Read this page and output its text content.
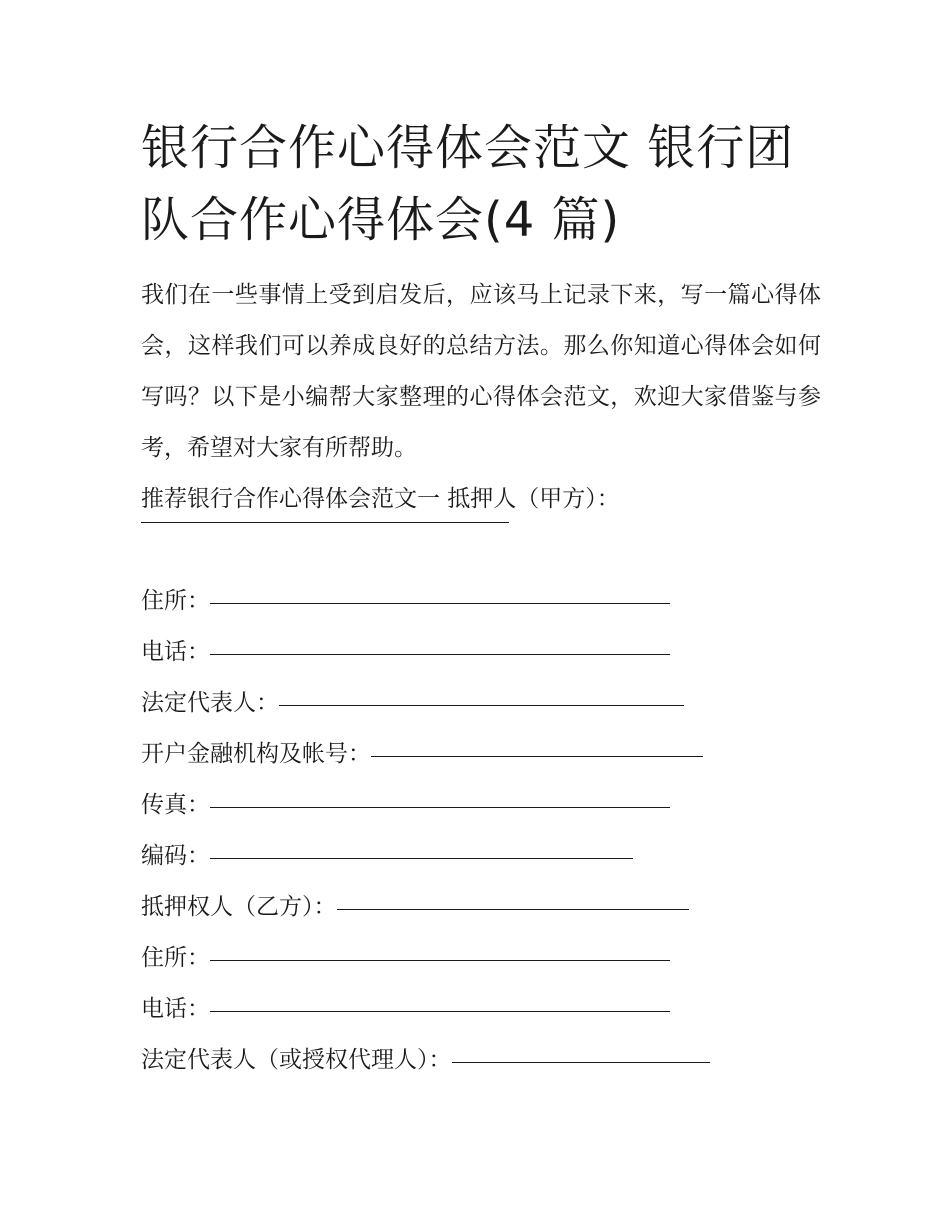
银行合作心得体会范文 银行团队合作心得体会(4 篇)

我们在一些事情上受到启发后，应该马上记录下来，写一篇心得体会，这样我们可以养成良好的总结方法。那么你知道心得体会如何写吗？以下是小编帮大家整理的心得体会范文，欢迎大家借鉴与参考，希望对大家有所帮助。

推荐银行合作心得体会范文一 抵押人（甲方）：
住所：
电话：
法定代表人：
开户金融机构及帐号：
传真：
编码：
抵押权人（乙方）：
住所：
电话：
法定代表人（或授权代理人）：
